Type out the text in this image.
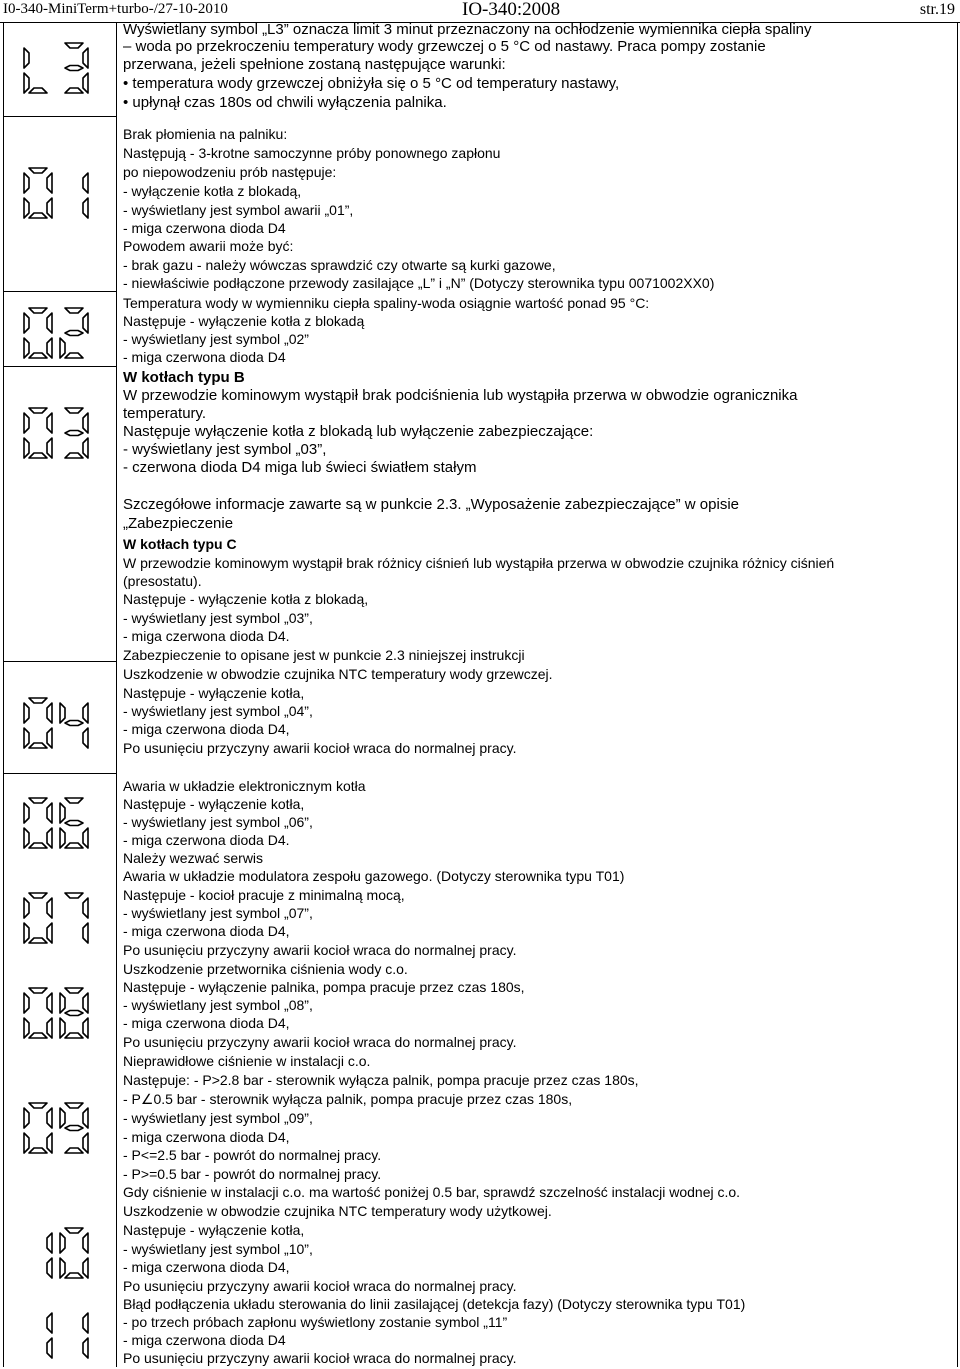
I0-340-MiniTerm+turbo-/27-10-2010	IO-340:2008	str.19
Wyświetlany symbol „L3” oznacza limit 3 minut przeznaczony na ochłodzenie wymiennika ciepła spaliny
– woda po przekroczeniu temperatury wody grzewczej o 5 °C od nastawy. Praca pompy zostanie
przerwana, jeżeli spełnione zostaną następujące warunki:
• temperatura wody grzewczej obniżyła się o 5 °C od temperatury nastawy,
• upłynął czas 180s od chwili wyłączenia palnika.
Brak płomienia na palniku:
Następują - 3-krotne samoczynne próby ponownego zapłonu
po niepowodzeniu prób następuje:
- wyłączenie kotła z blokadą,
- wyświetlany jest symbol awarii „01”,
- miga czerwona dioda D4
Powodem awarii może być:
- brak gazu - należy wówczas sprawdzić czy otwarte są kurki gazowe,
- niewłaściwie podłączone przewody zasilające „L” i „N” (Dotyczy sterownika typu 0071002XX0)
Temperatura wody w wymienniku ciepła spaliny-woda osiągnie wartość ponad 95 °C:
Następuje - wyłączenie kotła z blokadą
- wyświetlany jest symbol „02”
- miga czerwona dioda D4
W kotłach typu B
W przewodzie kominowym wystąpił brak podciśnienia lub wystąpiła przerwa w obwodzie ogranicznika
temperatury.
Następuje wyłączenie kotła z blokadą lub wyłączenie zabezpieczające:
- wyświetlany jest symbol „03”,
- czerwona dioda D4 miga lub świeci światłem stałym
Szczegółowe informacje zawarte są w punkcie 2.3. „Wyposażenie zabezpieczające” w opisie
„Zabezpieczenie
W kotłach typu C
W przewodzie kominowym wystąpił brak różnicy ciśnień lub wystąpiła przerwa w obwodzie czujnika różnicy ciśnień
(presostatu).
Następuje - wyłączenie kotła z blokadą,
- wyświetlany jest symbol „03”,
- miga czerwona dioda D4.
Zabezpieczenie to opisane jest w punkcie 2.3 niniejszej instrukcji
Uszkodzenie w obwodzie czujnika NTC temperatury wody grzewczej.
Następuje - wyłączenie kotła,
- wyświetlany jest symbol „04”,
- miga czerwona dioda D4,
Po usunięciu przyczyny awarii kocioł wraca do normalnej pracy.
Awaria w układzie elektronicznym kotła
Następuje - wyłączenie kotła,
- wyświetlany jest symbol „06”,
- miga czerwona dioda D4.
Należy wezwać serwis
Awaria w układzie modulatora zespołu gazowego. (Dotyczy sterownika typu T01)
Następuje - kocioł pracuje z minimalną mocą,
- wyświetlany jest symbol „07”,
- miga czerwona dioda D4,
Po usunięciu przyczyny awarii kocioł wraca do normalnej pracy.
Uszkodzenie przetwornika ciśnienia wody c.o.
Następuje - wyłączenie palnika, pompa pracuje przez czas 180s,
- wyświetlany jest symbol „08”,
- miga czerwona dioda D4,
Po usunięciu przyczyny awarii kocioł wraca do normalnej pracy.
Nieprawidłowe ciśnienie w instalacji c.o.
Następuje: - P>2.8 bar - sterownik wyłącza palnik, pompa pracuje przez czas 180s,
- P∠0.5 bar - sterownik wyłącza palnik, pompa pracuje przez czas 180s,
- wyświetlany jest symbol „09”,
- miga czerwona dioda D4,
- P<=2.5 bar - powrót do normalnej pracy.
- P>=0.5 bar - powrót do normalnej pracy.
Gdy ciśnienie w instalacji c.o. ma wartość poniżej 0.5 bar, sprawdź szczelność instalacji wodnej c.o.
Uszkodzenie w obwodzie czujnika NTC temperatury wody użytkowej.
Następuje - wyłączenie kotła,
- wyświetlany jest symbol „10”,
- miga czerwona dioda D4,
Po usunięciu przyczyny awarii kocioł wraca do normalnej pracy.
Błąd podłączenia układu sterowania do linii zasilającej (detekcja fazy) (Dotyczy sterownika typu T01)
- po trzech próbach zapłonu wyświetlony zostanie symbol „11”
- miga czerwona dioda D4
Po usunięciu przyczyny awarii kocioł wraca do normalnej pracy.
